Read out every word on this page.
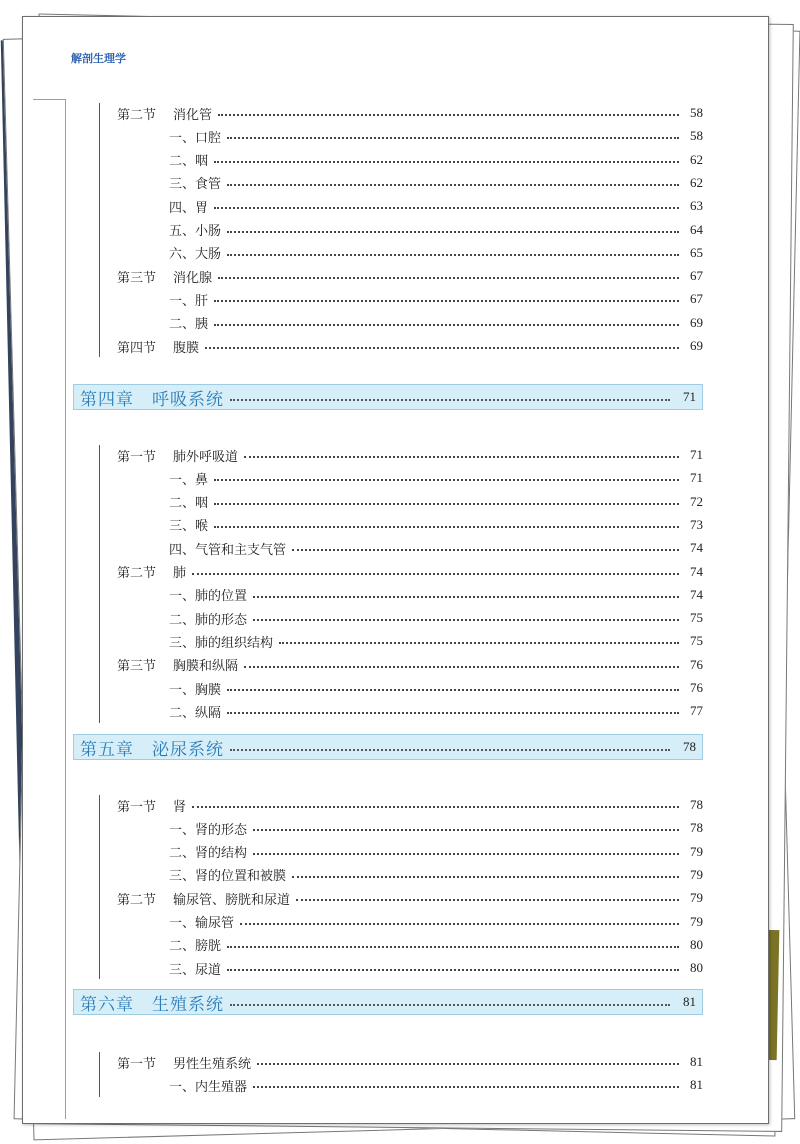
解剖生理学
第二节	消化管	58
一、口腔	58
二、咽	62
三、食管	62
四、胃	63
五、小肠	64
六、大肠	65
第三节	消化腺	67
一、肝	67
二、胰	69
第四节	腹膜	69
第四章　呼吸系统	71
第一节	肺外呼吸道	71
一、鼻	71
二、咽	72
三、喉	73
四、气管和主支气管	74
第二节	肺	74
一、肺的位置	74
二、肺的形态	75
三、肺的组织结构	75
第三节	胸膜和纵隔	76
一、胸膜	76
二、纵隔	77
第五章　泌尿系统	78
第一节	肾	78
一、肾的形态	78
二、肾的结构	79
三、肾的位置和被膜	79
第二节	输尿管、膀胱和尿道	79
一、输尿管	79
二、膀胱	80
三、尿道	80
第六章　生殖系统	81
第一节	男性生殖系统	81
一、内生殖器	81
